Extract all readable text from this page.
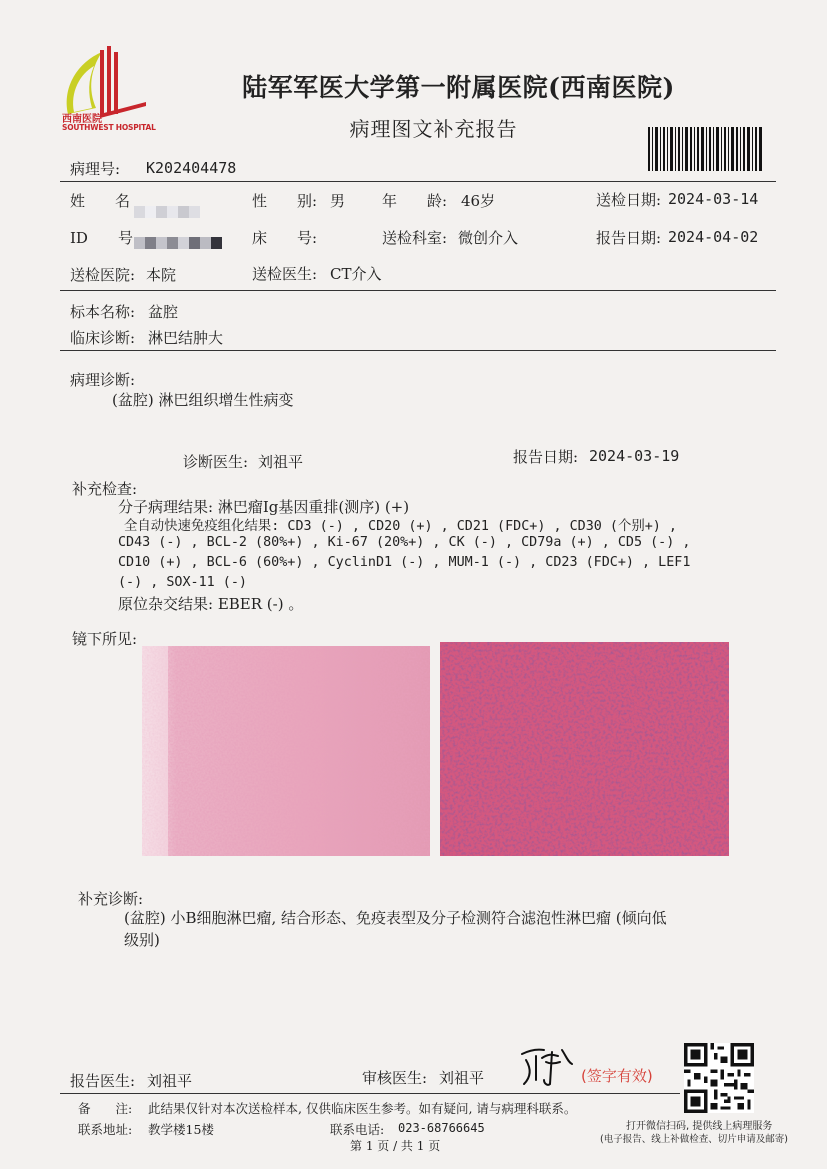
西南医院
SOUTHWEST HOSPITAL
陆军军医大学第一附属医院(西南医院)
病理图文补充报告
病理号: K202404478
姓　　名	性　　别: 男 年　　龄: 46岁	送检日期: 2024-03-14
ID　　号	床　　号:	送检科室: 微创介入	报告日期: 2024-04-02
送检医院: 本院	送检医生: CT介入
标本名称: 盆腔
临床诊断: 淋巴结肿大
病理诊断:
(盆腔) 淋巴组织增生性病变
诊断医生: 刘祖平	报告日期: 2024-03-19
补充检查:
分子病理结果: 淋巴瘤Ig基因重排(测序) (+)
全自动快速免疫组化结果: CD3 (-) , CD20 (+) , CD21 (FDC+) , CD30 (个别+) ,
CD43 (-) , BCL-2 (80%+) , Ki-67 (20%+) , CK (-) , CD79a (+) , CD5 (-) ,
CD10 (+) , BCL-6 (60%+) , CyclinD1 (-) , MUM-1 (-) , CD23 (FDC+) , LEF1
(-) , SOX-11 (-)
原位杂交结果: EBER (-) 。
镜下所见:
补充诊断:
(盆腔) 小B细胞淋巴瘤, 结合形态、免疫表型及分子检测符合滤泡性淋巴瘤 (倾向低
级别)
报告医生: 刘祖平	审核医生: 刘祖平	(签字有效)
备　　注: 此结果仅针对本次送检样本, 仅供临床医生参考。如有疑问, 请与病理科联系。
联系地址: 教学楼15楼	联系电话: 023-68766645
第 1 页 / 共 1 页
打开微信扫码, 提供线上病理服务
(电子报告、线上补做检查、切片申请及邮寄)
